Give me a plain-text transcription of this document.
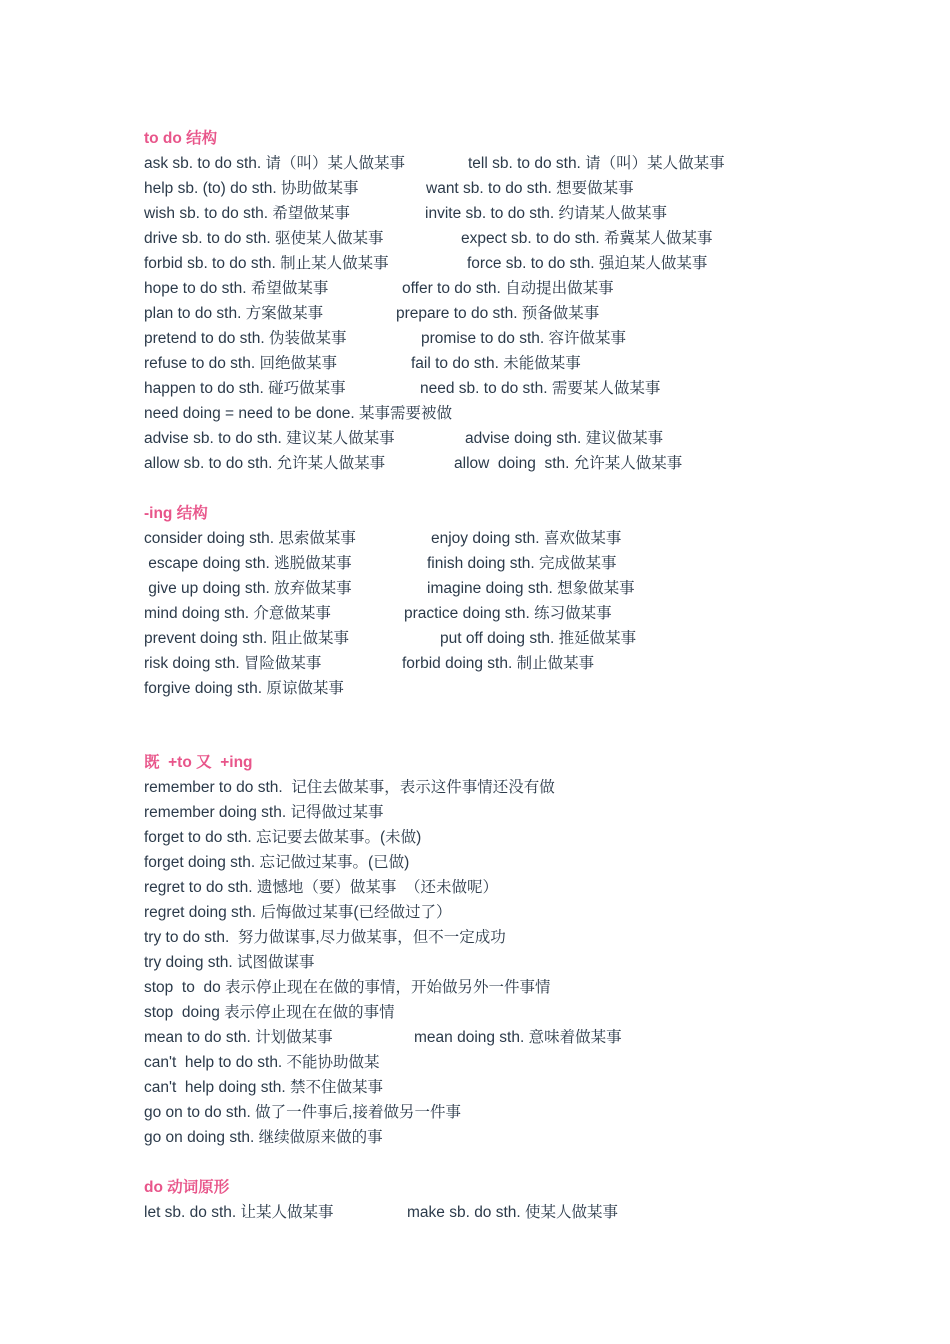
to do 结构
ask sb. to do sth. 请（叫）某人做某事	tell sb. to do sth. 请（叫）某人做某事
help sb. (to) do sth. 协助做某事	want sb. to do sth. 想要做某事
wish sb. to do sth. 希望做某事	invite sb. to do sth. 约请某人做某事
drive sb. to do sth. 驱使某人做某事	expect sb. to do sth. 希冀某人做某事
forbid sb. to do sth. 制止某人做某事	force sb. to do sth. 强迫某人做某事
hope to do sth. 希望做某事	offer to do sth. 自动提出做某事
plan to do sth. 方案做某事	prepare to do sth. 预备做某事
pretend to do sth. 伪装做某事	promise to do sth. 容许做某事
refuse to do sth. 回绝做某事	fail to do sth. 未能做某事
happen to do sth. 碰巧做某事	need sb. to do sth. 需要某人做某事
need doing = need to be done. 某事需要被做
advise sb. to do sth. 建议某人做某事	advise doing sth. 建议做某事
allow sb. to do sth. 允许某人做某事	allow  doing  sth. 允许某人做某事
-ing 结构
consider doing sth. 思索做某事	enjoy doing sth. 喜欢做某事
escape doing sth. 逃脱做某事	finish doing sth. 完成做某事
give up doing sth. 放弃做某事	imagine doing sth. 想象做某事
mind doing sth. 介意做某事	practice doing sth. 练习做某事
prevent doing sth. 阻止做某事	put off doing sth. 推延做某事
risk doing sth. 冒险做某事	forbid doing sth. 制止做某事
forgive doing sth. 原谅做某事
既  +to 又  +ing
remember to do sth.  记住去做某事，表示这件事情还没有做
remember doing sth. 记得做过某事
forget to do sth. 忘记要去做某事。(未做)
forget doing sth. 忘记做过某事。(已做)
regret to do sth. 遗憾地（要）做某事  （还未做呢）
regret doing sth. 后悔做过某事(已经做过了）
try to do sth.  努力做谋事,尽力做某事，但不一定成功
try doing sth. 试图做谋事
stop  to  do 表示停止现在在做的事情，开始做另外一件事情
stop  doing 表示停止现在在做的事情
mean to do sth. 计划做某事	mean doing sth. 意味着做某事
can't  help to do sth. 不能协助做某
can't  help doing sth. 禁不住做某事
go on to do sth. 做了一件事后,接着做另一件事
go on doing sth. 继续做原来做的事
do 动词原形
let sb. do sth. 让某人做某事	make sb. do sth. 使某人做某事
